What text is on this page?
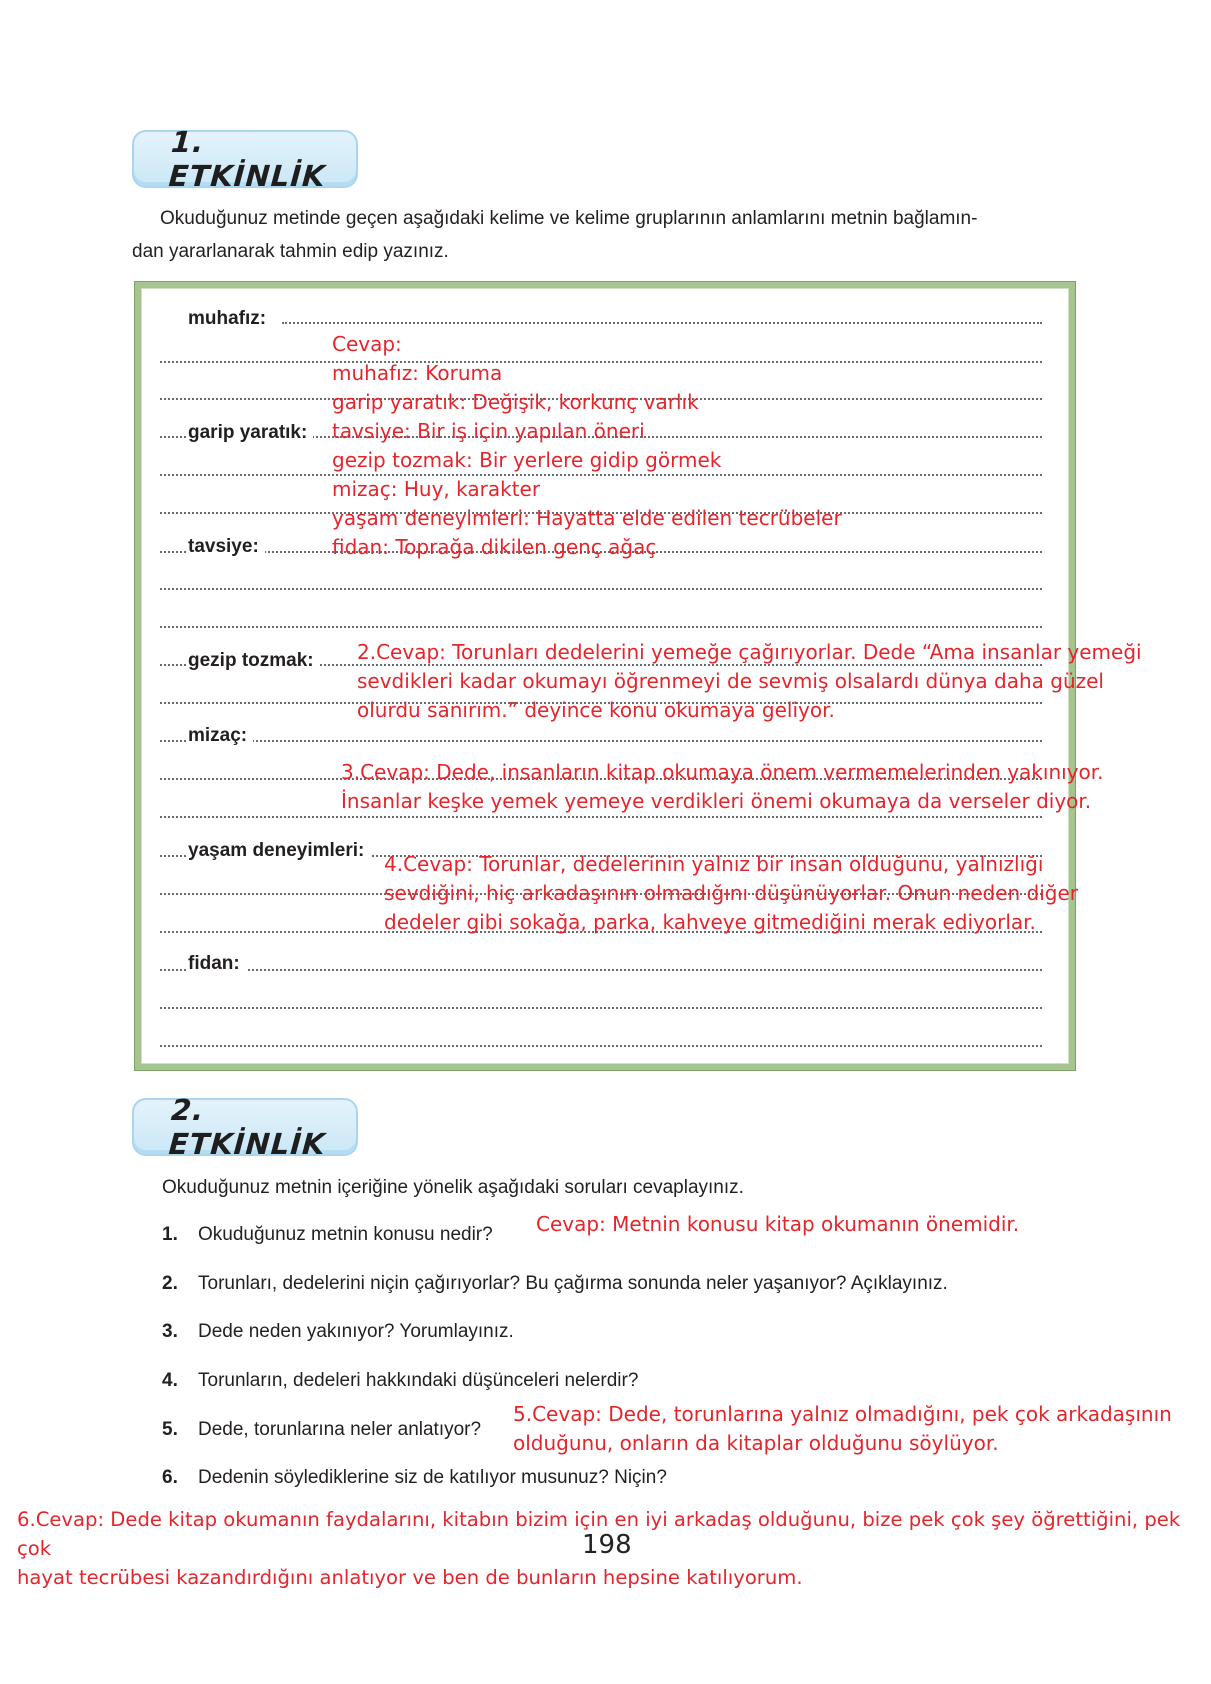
1. ETKİNLİK
Okuduğunuz metinde geçen aşağıdaki kelime ve kelime gruplarının anlamlarını metnin bağlamın-
dan yararlanarak tahmin edip yazınız.
muhafız:
garip yaratık:
tavsiye:
gezip tozmak:
mizaç:
yaşam deneyimleri:
fidan:
Cevap:
muhafız: Koruma
garip yaratık: Değişik, korkunç varlık
tavsiye: Bir iş için yapılan öneri
gezip tozmak: Bir yerlere gidip görmek
mizaç: Huy, karakter
yaşam deneyimleri: Hayatta elde edilen tecrübeler
fidan: Toprağa dikilen genç ağaç
2.Cevap: Torunları dedelerini yemeğe çağırıyorlar. Dede “Ama insanlar yemeği
sevdikleri kadar okumayı öğrenmeyi de sevmiş olsalardı dünya daha güzel
olurdu sanırım.” deyince konu okumaya geliyor.
3.Cevap: Dede, insanların kitap okumaya önem vermemelerinden yakınıyor.
İnsanlar keşke yemek yemeye verdikleri önemi okumaya da verseler diyor.
4.Cevap: Torunlar, dedelerinin yalnız bir insan olduğunu, yalnızlığı
sevdiğini, hiç arkadaşının olmadığını düşünüyorlar. Onun neden diğer
dedeler gibi sokağa, parka, kahveye gitmediğini merak ediyorlar.
2. ETKİNLİK
Okuduğunuz metnin içeriğine yönelik aşağıdaki soruları cevaplayınız.
1. Okuduğunuz metnin konusu nedir?
2. Torunları, dedelerini niçin çağırıyorlar? Bu çağırma sonunda neler yaşanıyor? Açıklayınız.
3. Dede neden yakınıyor? Yorumlayınız.
4. Torunların, dedeleri hakkındaki düşünceleri nelerdir?
5. Dede, torunlarına neler anlatıyor?
6. Dedenin söylediklerine siz de katılıyor musunuz? Niçin?
Cevap: Metnin konusu kitap okumanın önemidir.
5.Cevap: Dede, torunlarına yalnız olmadığını, pek çok arkadaşının
olduğunu, onların da kitaplar olduğunu söylüyor.
198
6.Cevap: Dede kitap okumanın faydalarını, kitabın bizim için en iyi arkadaş olduğunu, bize pek çok şey öğrettiğini, pek çok
hayat tecrübesi kazandırdığını anlatıyor ve ben de bunların hepsine katılıyorum.
